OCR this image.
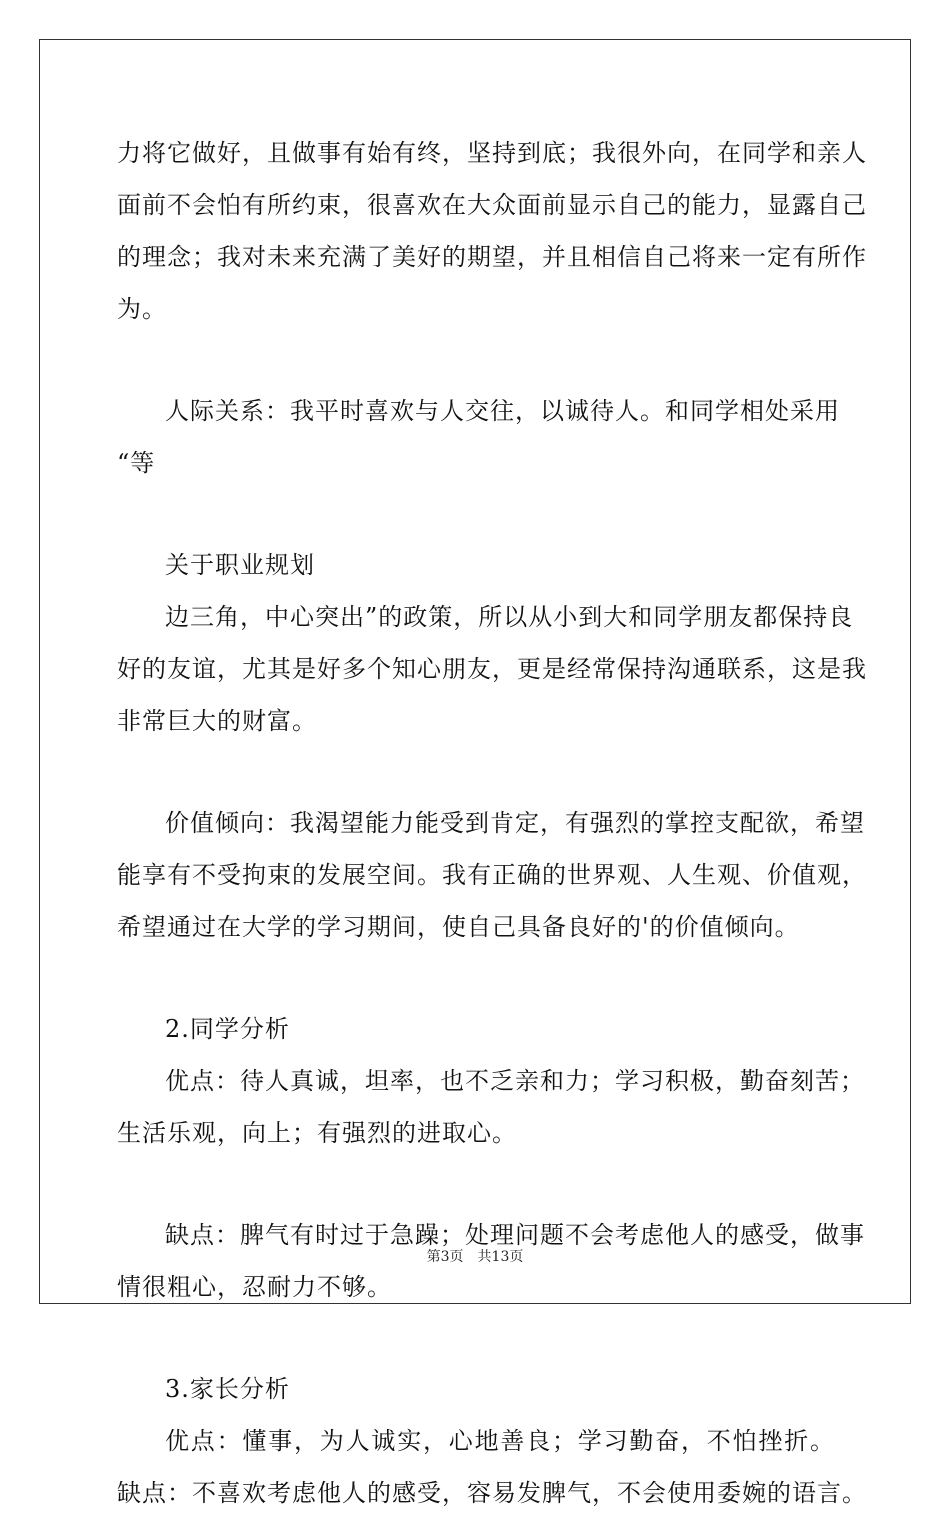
力将它做好，且做事有始有终，坚持到底；我很外向，在同学和亲人
面前不会怕有所约束，很喜欢在大众面前显示自己的能力，显露自己
的理念；我对未来充满了美好的期望，并且相信自己将来一定有所作
为。
人际关系：我平时喜欢与人交往，以诚待人。和同学相处采用
“等
关于职业规划
边三角，中心突出”的政策，所以从小到大和同学朋友都保持良
好的友谊，尤其是好多个知心朋友，更是经常保持沟通联系，这是我
非常巨大的财富。
价值倾向：我渴望能力能受到肯定，有强烈的掌控支配欲，希望
能享有不受拘束的发展空间。我有正确的世界观、人生观、价值观，
希望通过在大学的学习期间，使自己具备良好的'的价值倾向。
2.同学分析
优点：待人真诚，坦率，也不乏亲和力；学习积极，勤奋刻苦；
生活乐观，向上；有强烈的进取心。
缺点：脾气有时过于急躁；处理问题不会考虑他人的感受，做事
情很粗心，忍耐力不够。
3.家长分析
优点：懂事，为人诚实，心地善良；学习勤奋，不怕挫折。
缺点：不喜欢考虑他人的感受，容易发脾气，不会使用委婉的语言。
第3页 共13页
